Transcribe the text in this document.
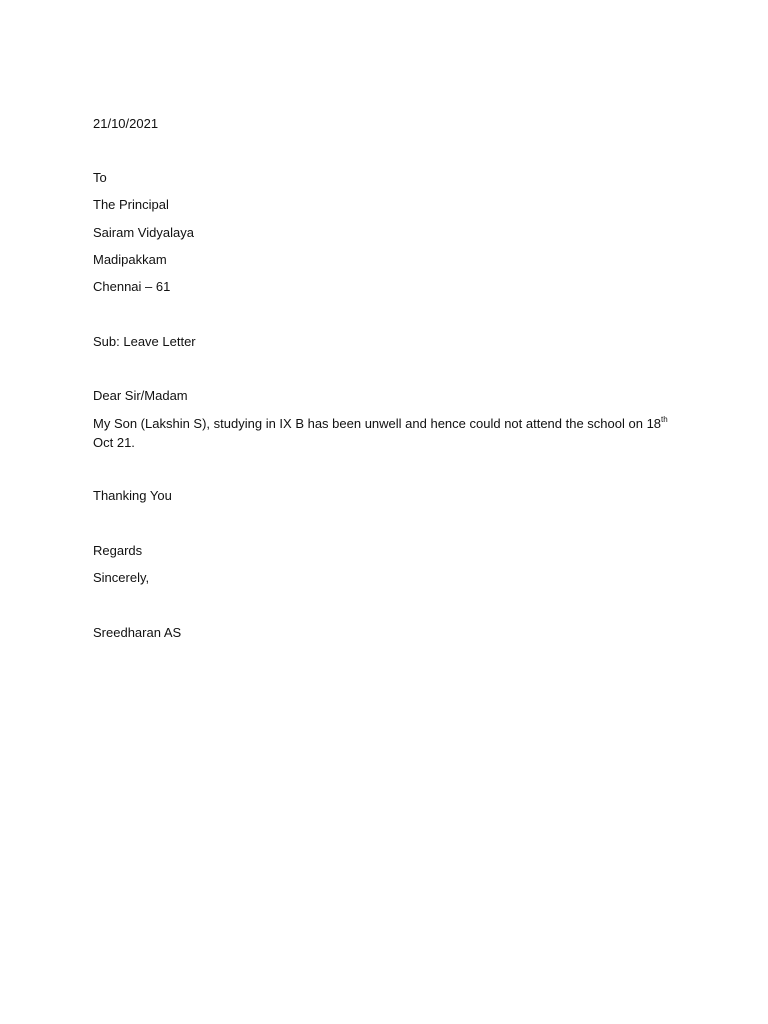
21/10/2021
To
The Principal
Sairam Vidyalaya
Madipakkam
Chennai – 61
Sub: Leave Letter
Dear Sir/Madam
My Son (Lakshin S), studying in IX B has been unwell and hence could not attend the school on 18th
Oct 21.
Thanking You
Regards
Sincerely,
Sreedharan AS
